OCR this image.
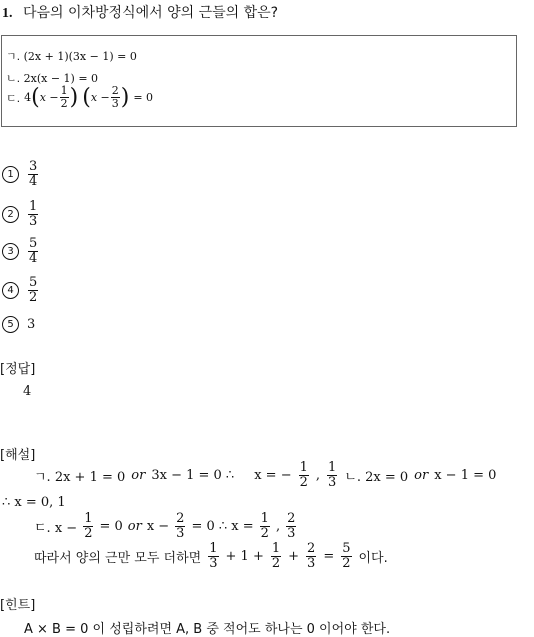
1. 다음의 이차방정식에서 양의 근들의 합은?
ㄱ. (2x + 1)(3x − 1) = 0
ㄴ. 2x(x − 1) = 0
ㄷ. 4 ( $x - \frac{1}{2}$ ) ( $x - \frac{2}{3}$ ) = 0
1	$\frac{3}{4}$
2	$\frac{1}{3}$
3	$\frac{5}{4}$
4	$\frac{5}{2}$
5	3
[정답]
4
[해설]
ㄱ. 2x + 1 = 0 or 3x − 1 = 0 ∴ x = − $\frac{1}{2}$ , $\frac{1}{3}$ ㄴ. 2x = 0 or x − 1 = 0
∴ x = 0, 1
ㄷ. $x - \frac{1}{2} = 0$ or $x - \frac{2}{3} = 0$ ∴ $x = \frac{1}{2}$ , $\frac{2}{3}$
따라서 양의 근만 모두 더하면 $\frac{1}{3} + 1 + \frac{1}{2} + \frac{2}{3} = \frac{5}{2}$ 이다.
[힌트]
A × B = 0 이 성립하려면 A, B 중 적어도 하나는 0 이어야 한다.
